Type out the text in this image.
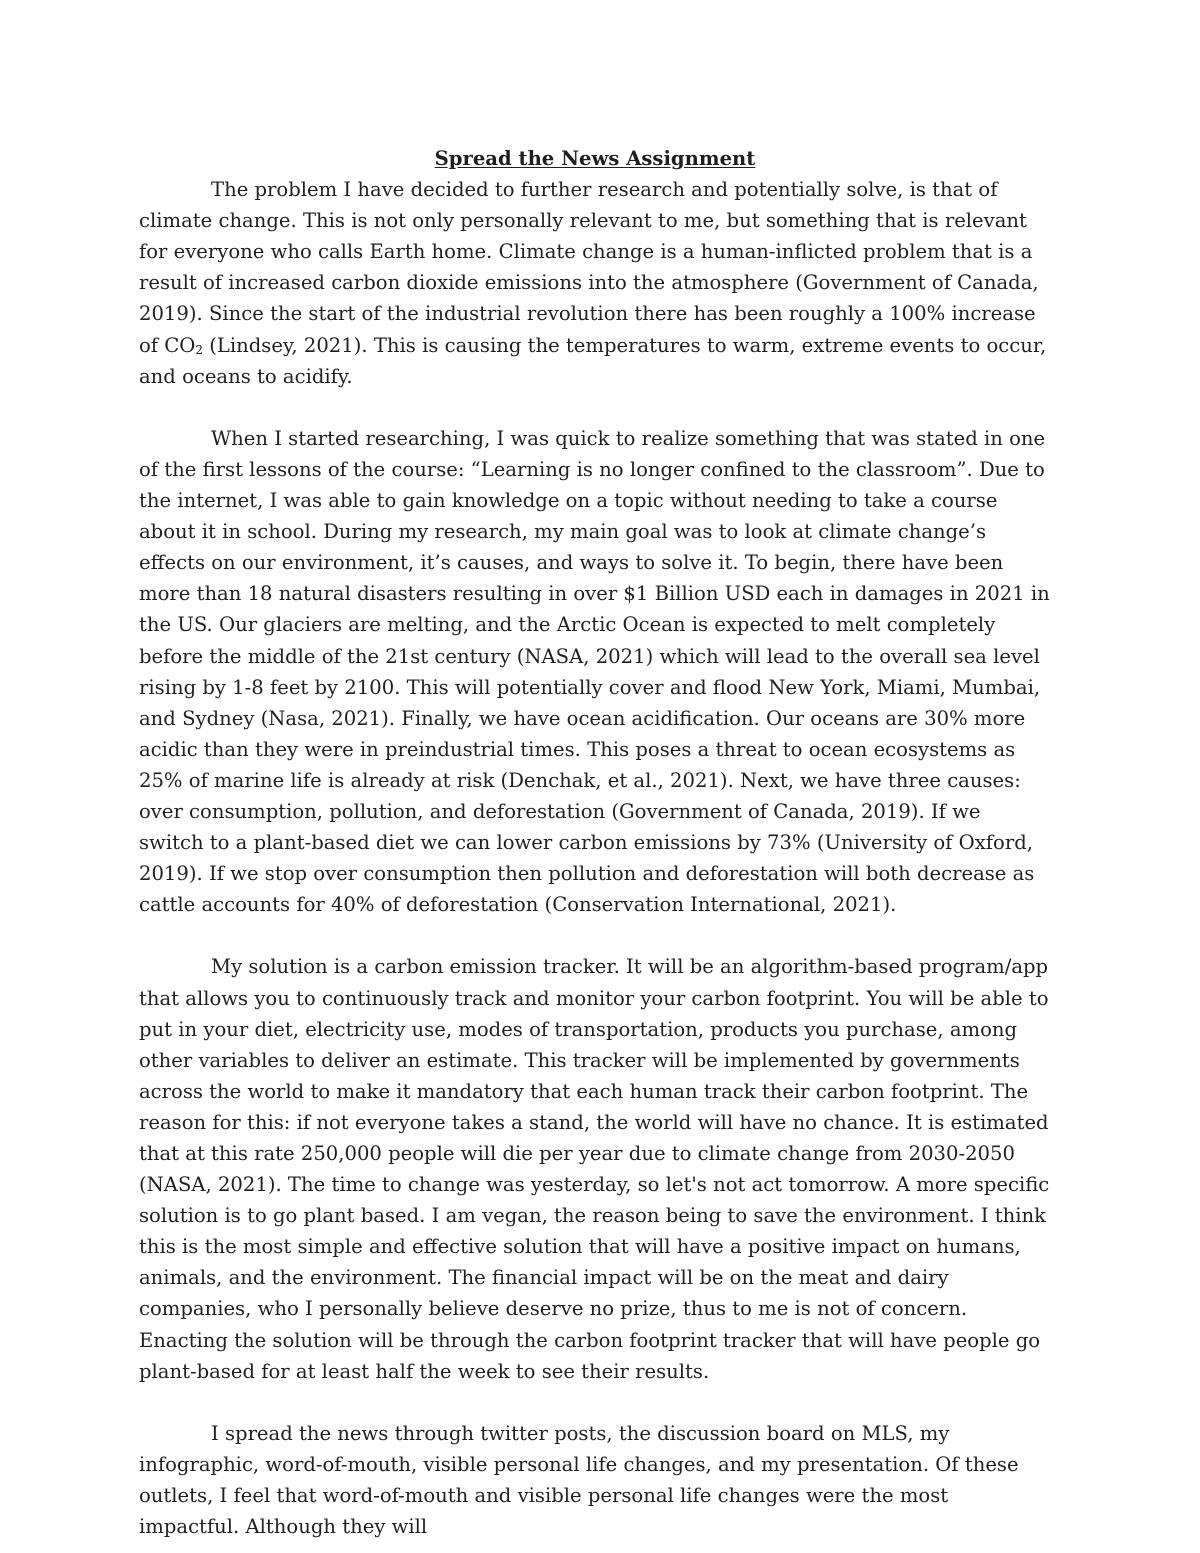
Spread the News Assignment

The problem I have decided to further research and potentially solve, is that of climate change. This is not only personally relevant to me, but something that is relevant for everyone who calls Earth home. Climate change is a human-inflicted problem that is a result of increased carbon dioxide emissions into the atmosphere (Government of Canada, 2019). Since the start of the industrial revolution there has been roughly a 100% increase of CO2 (Lindsey, 2021). This is causing the temperatures to warm, extreme events to occur, and oceans to acidify.

When I started researching, I was quick to realize something that was stated in one of the first lessons of the course: “Learning is no longer confined to the classroom”. Due to the internet, I was able to gain knowledge on a topic without needing to take a course about it in school. During my research, my main goal was to look at climate change’s effects on our environment, it’s causes, and ways to solve it. To begin, there have been more than 18 natural disasters resulting in over $1 Billion USD each in damages in 2021 in the US. Our glaciers are melting, and the Arctic Ocean is expected to melt completely before the middle of the 21st century (NASA, 2021) which will lead to the overall sea level rising by 1-8 feet by 2100. This will potentially cover and flood New York, Miami, Mumbai, and Sydney (Nasa, 2021). Finally, we have ocean acidification. Our oceans are 30% more acidic than they were in preindustrial times. This poses a threat to ocean ecosystems as 25% of marine life is already at risk (Denchak, et al., 2021). Next, we have three causes: over consumption, pollution, and deforestation (Government of Canada, 2019). If we switch to a plant-based diet we can lower carbon emissions by 73% (University of Oxford, 2019). If we stop over consumption then pollution and deforestation will both decrease as cattle accounts for 40% of deforestation (Conservation International, 2021).

My solution is a carbon emission tracker. It will be an algorithm-based program/app that allows you to continuously track and monitor your carbon footprint. You will be able to put in your diet, electricity use, modes of transportation, products you purchase, among other variables to deliver an estimate. This tracker will be implemented by governments across the world to make it mandatory that each human track their carbon footprint. The reason for this: if not everyone takes a stand, the world will have no chance. It is estimated that at this rate 250,000 people will die per year due to climate change from 2030-2050 (NASA, 2021). The time to change was yesterday, so let's not act tomorrow. A more specific solution is to go plant based. I am vegan, the reason being to save the environment. I think this is the most simple and effective solution that will have a positive impact on humans, animals, and the environment. The financial impact will be on the meat and dairy companies, who I personally believe deserve no prize, thus to me is not of concern. Enacting the solution will be through the carbon footprint tracker that will have people go plant-based for at least half the week to see their results.

I spread the news through twitter posts, the discussion board on MLS, my infographic, word-of-mouth, visible personal life changes, and my presentation. Of these outlets, I feel that word-of-mouth and visible personal life changes were the most impactful. Although they will
